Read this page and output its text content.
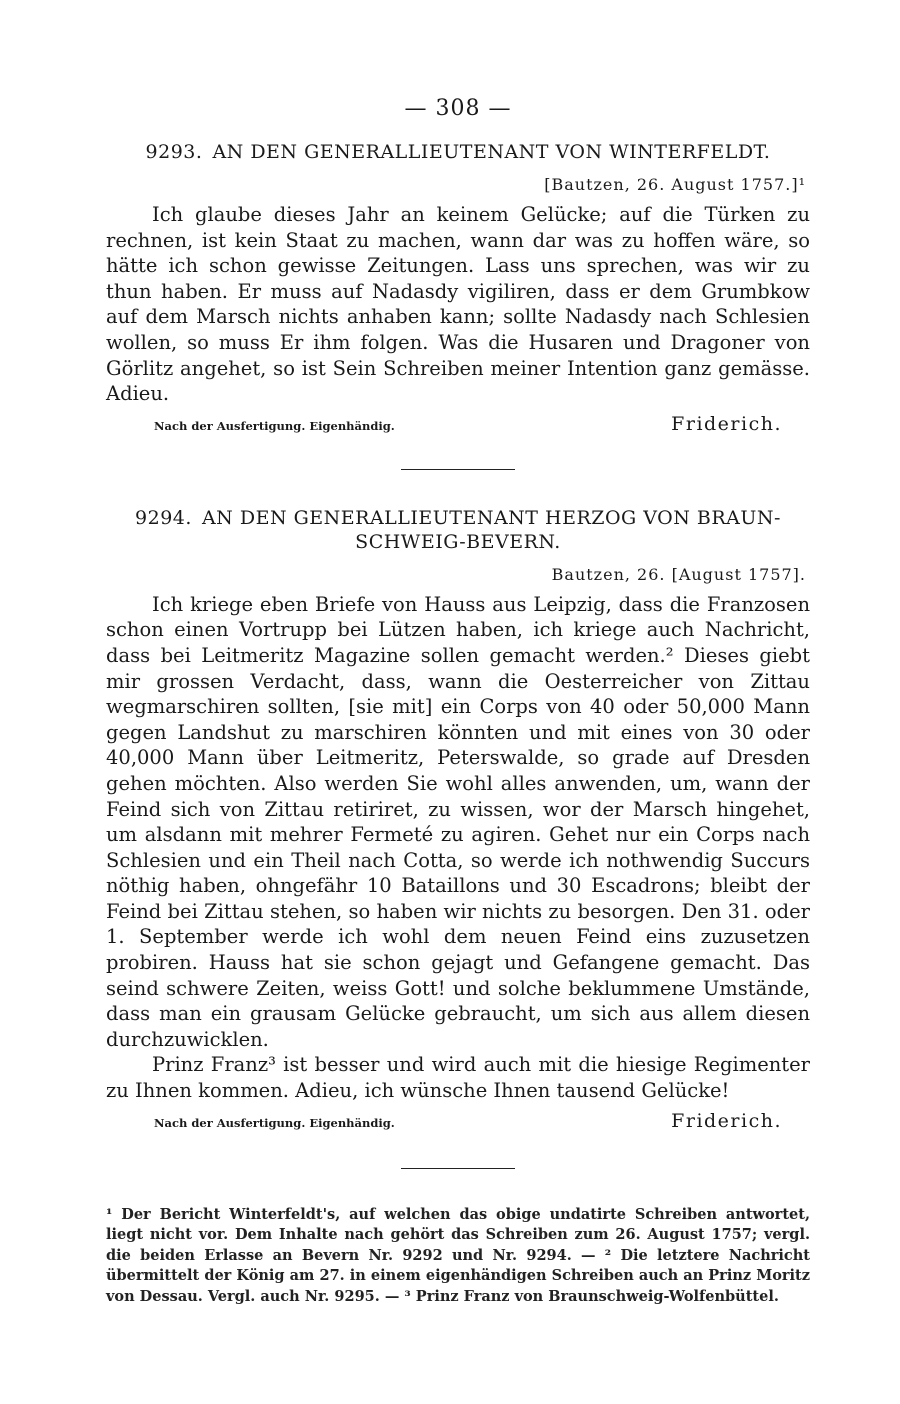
— 308 —
9293. AN DEN GENERALLIEUTENANT VON WINTERFELDT.
[Bautzen, 26. August 1757.]¹

Ich glaube dieses Jahr an keinem Gelücke; auf die Türken zu rechnen, ist kein Staat zu machen, wann dar was zu hoffen wäre, so hätte ich schon gewisse Zeitungen. Lass uns sprechen, was wir zu thun haben. Er muss auf Nadasdy vigiliren, dass er dem Grumbkow auf dem Marsch nichts anhaben kann; sollte Nadasdy nach Schlesien wollen, so muss Er ihm folgen. Was die Husaren und Dragoner von Görlitz angehet, so ist Sein Schreiben meiner Intention ganz gemässe. Adieu.

Nach der Ausfertigung. Eigenhändig.	Friderich.
9294. AN DEN GENERALLIEUTENANT HERZOG VON BRAUN-
SCHWEIG-BEVERN.
Bautzen, 26. [August 1757].

Ich kriege eben Briefe von Hauss aus Leipzig, dass die Franzosen schon einen Vortrupp bei Lützen haben, ich kriege auch Nachricht, dass bei Leitmeritz Magazine sollen gemacht werden.² Dieses giebt mir grossen Verdacht, dass, wann die Oesterreicher von Zittau wegmarschiren sollten, [sie mit] ein Corps von 40 oder 50,000 Mann gegen Landshut zu marschiren könnten und mit eines von 30 oder 40,000 Mann über Leitmeritz, Peterswalde, so grade auf Dresden gehen möchten. Also werden Sie wohl alles anwenden, um, wann der Feind sich von Zittau retiriret, zu wissen, wor der Marsch hingehet, um alsdann mit mehrer Fermeté zu agiren. Gehet nur ein Corps nach Schlesien und ein Theil nach Cotta, so werde ich nothwendig Succurs nöthig haben, ohngefähr 10 Bataillons und 30 Escadrons; bleibt der Feind bei Zittau stehen, so haben wir nichts zu besorgen. Den 31. oder 1. September werde ich wohl dem neuen Feind eins zuzusetzen probiren. Hauss hat sie schon gejagt und Gefangene gemacht. Das seind schwere Zeiten, weiss Gott! und solche beklummene Umstände, dass man ein grausam Gelücke gebraucht, um sich aus allem diesen durchzuwicklen.

Prinz Franz³ ist besser und wird auch mit die hiesige Regimenter zu Ihnen kommen. Adieu, ich wünsche Ihnen tausend Gelücke!

Nach der Ausfertigung. Eigenhändig.	Friderich.
¹ Der Bericht Winterfeldt's, auf welchen das obige undatirte Schreiben antwortet, liegt nicht vor. Dem Inhalte nach gehört das Schreiben zum 26. August 1757; vergl. die beiden Erlasse an Bevern Nr. 9292 und Nr. 9294. — ² Die letztere Nachricht übermittelt der König am 27. in einem eigenhändigen Schreiben auch an Prinz Moritz von Dessau. Vergl. auch Nr. 9295. — ³ Prinz Franz von Braunschweig-Wolfenbüttel.
